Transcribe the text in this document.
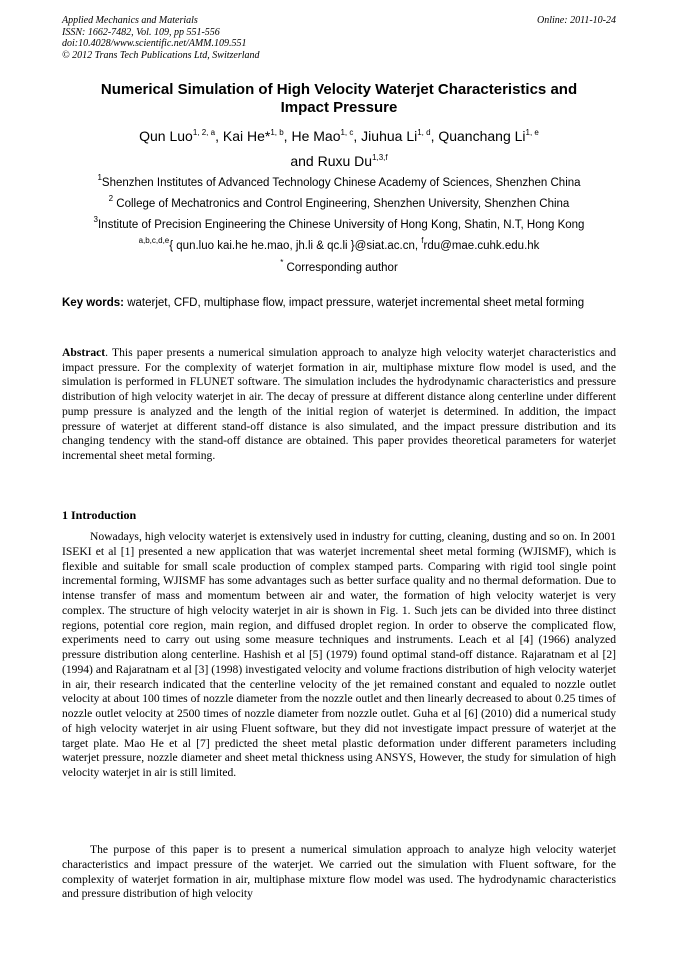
Applied Mechanics and Materials
ISSN: 1662-7482, Vol. 109, pp 551-556
doi:10.4028/www.scientific.net/AMM.109.551
© 2012 Trans Tech Publications Ltd, Switzerland
Online: 2011-10-24
Numerical Simulation of High Velocity Waterjet Characteristics and
Impact Pressure
Qun Luo$^{1, 2, a}$, Kai He*$^{1, b}$, He Mao$^{1, c}$, Jiuhua Li$^{1, d}$, Quanchang Li$^{1, e}$
and Ruxu Du$^{1,3,f}$
$^1$Shenzhen Institutes of Advanced Technology Chinese Academy of Sciences, Shenzhen China
$^2$ College of Mechatronics and Control Engineering, Shenzhen University, Shenzhen China
$^3$Institute of Precision Engineering the Chinese University of Hong Kong, Shatin, N.T, Hong Kong
$^{a,b,c,d,e}${ qun.luo kai.he he.mao, jh.li & qc.li }@siat.ac.cn, $^f$rdu@mae.cuhk.edu.hk
* Corresponding author
Key words: waterjet, CFD, multiphase flow, impact pressure, waterjet incremental sheet metal forming
Abstract. This paper presents a numerical simulation approach to analyze high velocity waterjet characteristics and impact pressure. For the complexity of waterjet formation in air, multiphase mixture flow model is used, and the simulation is performed in FLUNET software. The simulation includes the hydrodynamic characteristics and pressure distribution of high velocity waterjet in air. The decay of pressure at different distance along centerline under different pump pressure is analyzed and the length of the initial region of waterjet is determined. In addition, the impact pressure of waterjet at different stand-off distance is also simulated, and the impact pressure distribution and its changing tendency with the stand-off distance are obtained. This paper provides theoretical parameters for waterjet incremental sheet metal forming.
1 Introduction

Nowadays, high velocity waterjet is extensively used in industry for cutting, cleaning, dusting and so on. In 2001 ISEKI et al [1] presented a new application that was waterjet incremental sheet metal forming (WJISMF), which is flexible and suitable for small scale production of complex stamped parts. Comparing with rigid tool single point incremental forming, WJISMF has some advantages such as better surface quality and no thermal deformation. Due to intense transfer of mass and momentum between air and water, the formation of high velocity waterjet is very complex. The structure of high velocity waterjet in air is shown in Fig. 1. Such jets can be divided into three distinct regions, potential core region, main region, and diffused droplet region. In order to observe the complicated flow, experiments need to carry out using some measure techniques and instruments. Leach et al [4] (1966) analyzed pressure distribution along centerline. Hashish et al [5] (1979) found optimal stand-off distance. Rajaratnam et al [2] (1994) and Rajaratnam et al [3] (1998) investigated velocity and volume fractions distribution of high velocity waterjet in air, their research indicated that the centerline velocity of the jet remained constant and equaled to nozzle outlet velocity at about 100 times of nozzle diameter from the nozzle outlet and then linearly decreased to about 0.25 times of nozzle outlet velocity at 2500 times of nozzle diameter from nozzle outlet. Guha et al [6] (2010) did a numerical study of high velocity waterjet in air using Fluent software, but they did not investigate impact pressure of waterjet at the target plate. Mao He et al [7] predicted the sheet metal plastic deformation under different parameters including waterjet pressure, nozzle diameter and sheet metal thickness using ANSYS, However, the study for simulation of high velocity waterjet in air is still limited.

The purpose of this paper is to present a numerical simulation approach to analyze high velocity waterjet characteristics and impact pressure of the waterjet. We carried out the simulation with Fluent software, for the complexity of waterjet formation in air, multiphase mixture flow model was used. The hydrodynamic characteristics and pressure distribution of high velocity
